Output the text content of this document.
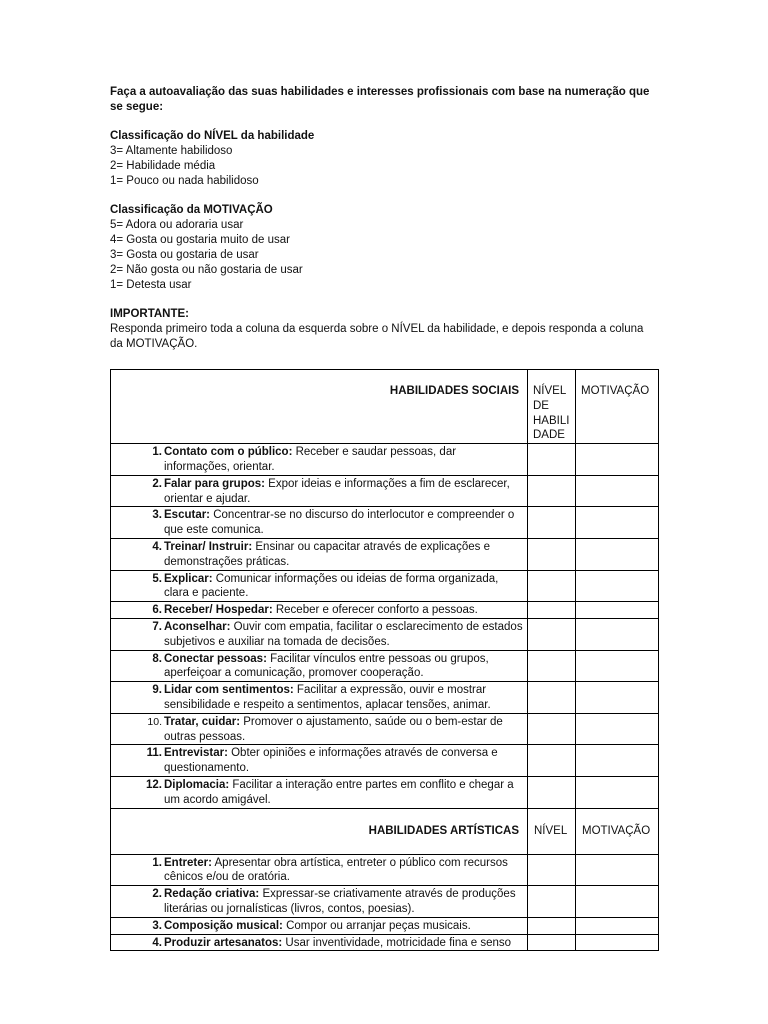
Faça a autoavaliação das suas habilidades e interesses profissionais com base na numeração que se segue:
Classificação do NÍVEL da habilidade
3= Altamente habilidoso
2= Habilidade média
1= Pouco ou nada habilidoso
Classificação da MOTIVAÇÃO
5= Adora ou adoraria usar
4= Gosta ou gostaria muito de usar
3= Gosta ou gostaria de usar
2= Não gosta ou não gostaria de usar
1= Detesta usar
IMPORTANTE:
Responda primeiro toda a coluna da esquerda sobre o NÍVEL da habilidade, e depois responda a coluna da MOTIVAÇÃO.
HABILIDADES SOCIAIS	NÍVEL DE HABILI DADE	MOTIVAÇÃO

1. Contato com o público: Receber e saudar pessoas, dar informações, orientar.		

2. Falar para grupos: Expor ideias e informações a fim de esclarecer, orientar e ajudar.		

3. Escutar: Concentrar-se no discurso do interlocutor e compreender o que este comunica.		

4. Treinar/ Instruir: Ensinar ou capacitar através de explicações e demonstrações práticas.		

5. Explicar: Comunicar informações ou ideias de forma organizada, clara e paciente.		

6. Receber/ Hospedar: Receber e oferecer conforto a pessoas.		

7. Aconselhar: Ouvir com empatia, facilitar o esclarecimento de estados subjetivos e auxiliar na tomada de decisões.		

8. Conectar pessoas: Facilitar vínculos entre pessoas ou grupos, aperfeiçoar a comunicação, promover cooperação.		

9. Lidar com sentimentos: Facilitar a expressão, ouvir e mostrar sensibilidade e respeito a sentimentos, aplacar tensões, animar.		

10. Tratar, cuidar: Promover o ajustamento, saúde ou o bem-estar de outras pessoas.		

11. Entrevistar: Obter opiniões e informações através de conversa e questionamento.		

12. Diplomacia: Facilitar a interação entre partes em conflito e chegar a um acordo amigável.		

HABILIDADES ARTÍSTICAS	NÍVEL	MOTIVAÇÃO

1. Entreter: Apresentar obra artística, entreter o público com recursos cênicos e/ou de oratória.		

2. Redação criativa: Expressar-se criativamente através de produções literárias ou jornalísticas (livros, contos, poesias).		

3. Composição musical: Compor ou arranjar peças musicais.		

4. Produzir artesanatos: Usar inventividade, motricidade fina e senso		
